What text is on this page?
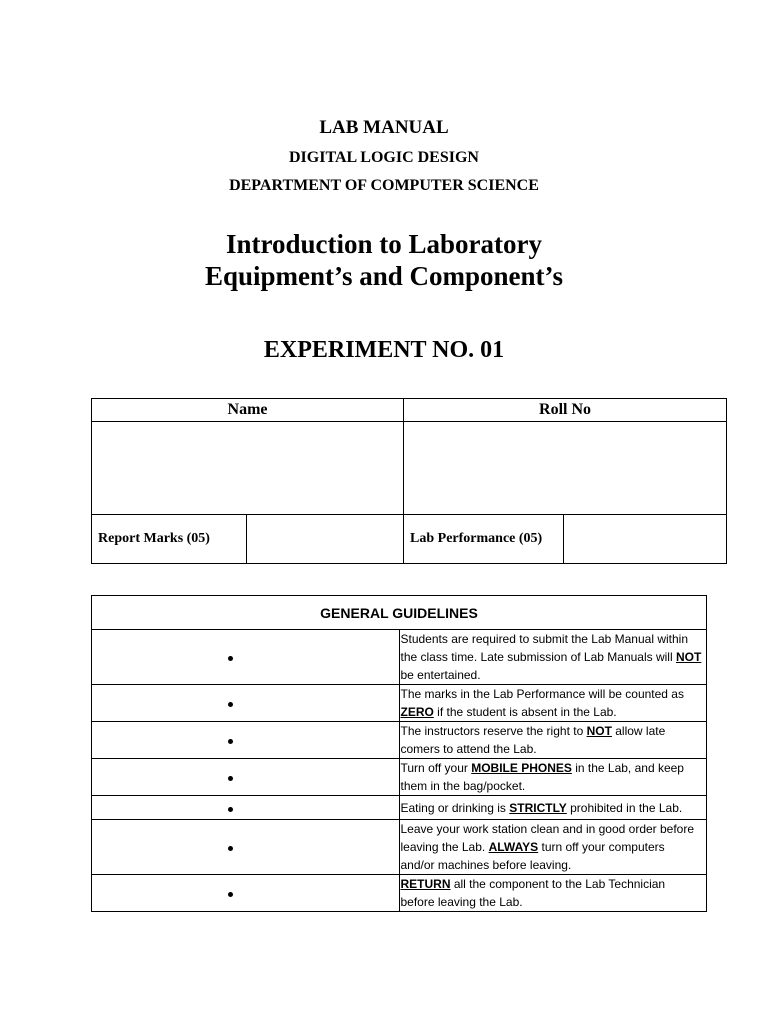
LAB MANUAL
DIGITAL LOGIC DESIGN
DEPARTMENT OF COMPUTER SCIENCE
Introduction to Laboratory
Equipment’s and Component’s
EXPERIMENT NO. 01
Name		Roll No	

Report Marks (05)		Lab Performance (05)	
GENERAL GUIDELINES	
	Students are required to submit the Lab Manual within the class time. Late submission of Lab Manuals will NOT be entertained.
	The marks in the Lab Performance will be counted as ZERO if the student is absent in the Lab.
	The instructors reserve the right to NOT allow late comers to attend the Lab.
	Turn off your MOBILE PHONES in the Lab, and keep them in the bag/pocket.
	Eating or drinking is STRICTLY prohibited in the Lab.
	Leave your work station clean and in good order before leaving the Lab. ALWAYS turn off your computers and/or machines before leaving.
	RETURN all the component to the Lab Technician before leaving the Lab.
